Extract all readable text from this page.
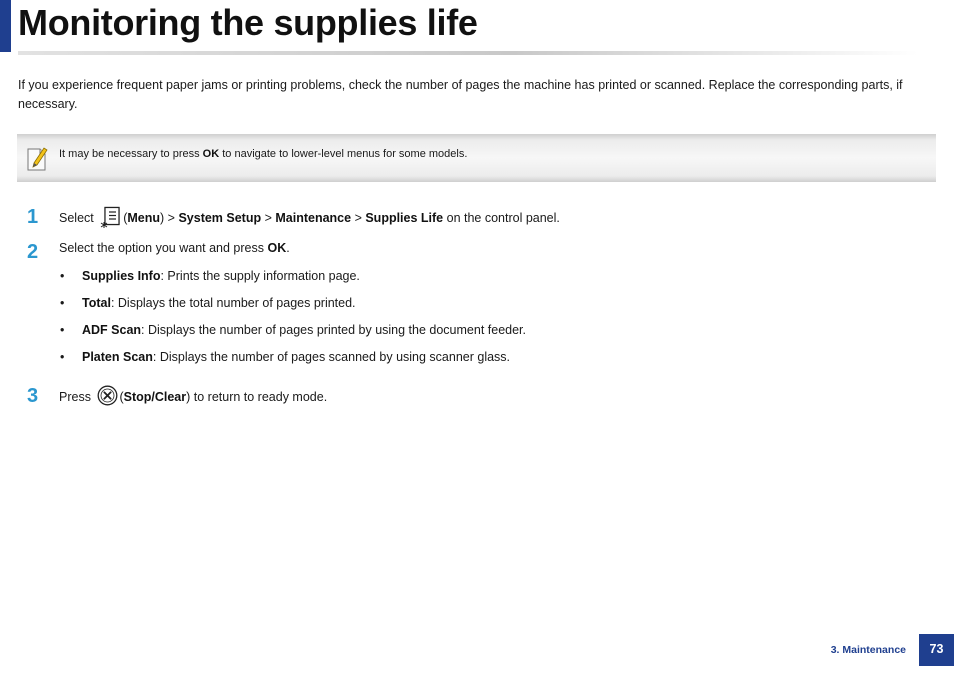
Monitoring the supplies life

If you experience frequent paper jams or printing problems, check the number of pages the machine has printed or scanned. Replace the corresponding parts, if necessary.

It may be necessary to press OK to navigate to lower-level menus for some models.

1 Select (Menu) > System Setup > Maintenance > Supplies Life on the control panel.

2 Select the option you want and press OK.

• Supplies Info: Prints the supply information page.

• Total: Displays the total number of pages printed.

• ADF Scan: Displays the number of pages printed by using the document feeder.

• Platen Scan: Displays the number of pages scanned by using scanner glass.

3 Press (Stop/Clear) to return to ready mode.

3. Maintenance	73
